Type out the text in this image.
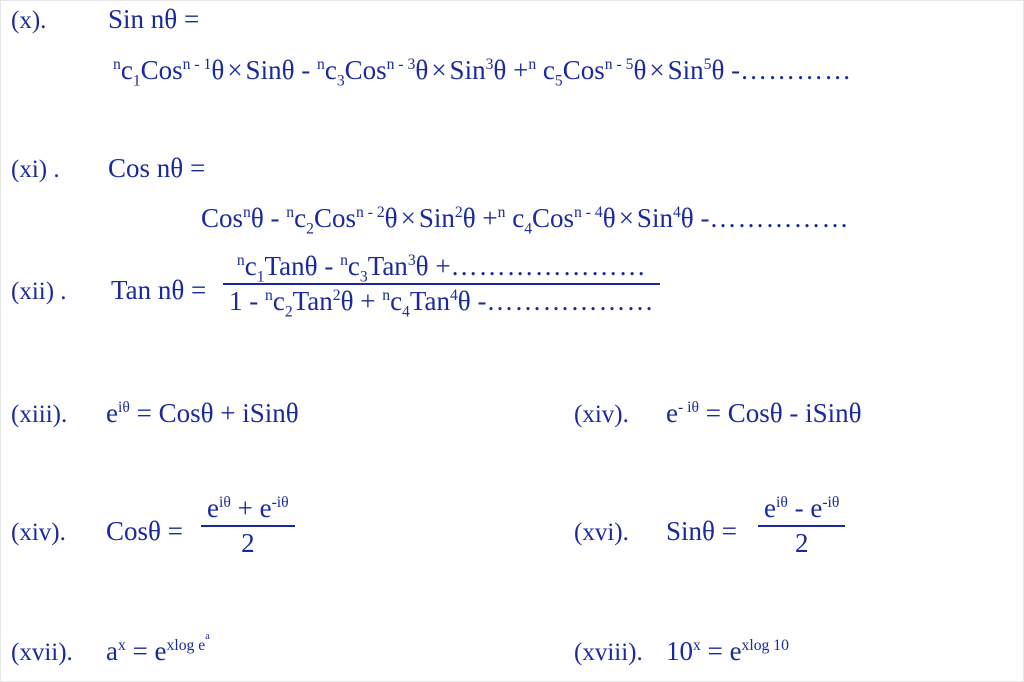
(x). Sin nθ =
$^nc_1Cos^{n - 1}\theta \times Sin\theta - ^nc_3Cos^{n - 3}\theta \times Sin^3\theta +^n$ $c_5Cos^{n - 5}\theta \times Sin^5\theta$ -…………
(xi) . Cos nθ =
$Cos^n\theta - ^nc_2Cos^{n - 2}\theta \times Sin^2\theta +^n$ $c_4Cos^{n - 4}\theta \times Sin^4\theta$ -……………
(xii) . Tan nθ =
$^nc_1Tan\theta - ^nc_3Tan^3\theta$ +…………………
$1 - ^nc_2Tan^2\theta + ^nc_4Tan^4\theta$ -………………
(xiii). $e^{i\theta} = Cos\theta$ + iSinθ	(xiv). $e^{- i\theta} = Cos\theta$ - iSinθ
(xiv). $Cos\theta = \frac{e^{i\theta} + e^{-i\theta}}{2}$	(xvi). $Sin\theta = \frac{e^{i\theta} - e^{-i\theta}}{2}$
(xvii). $a^x = e^{xlog ea}$
(xviii). $10^x = e^{xlog 10}$
